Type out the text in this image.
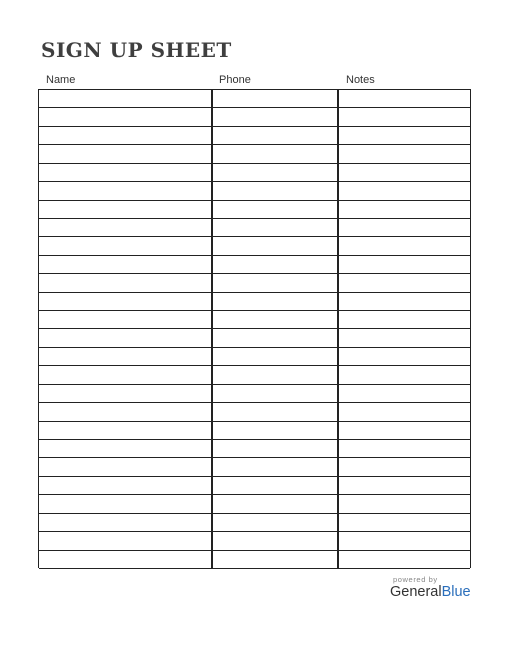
SIGN UP SHEET
Name	Phone	Notes
powered by
GeneralBlue
